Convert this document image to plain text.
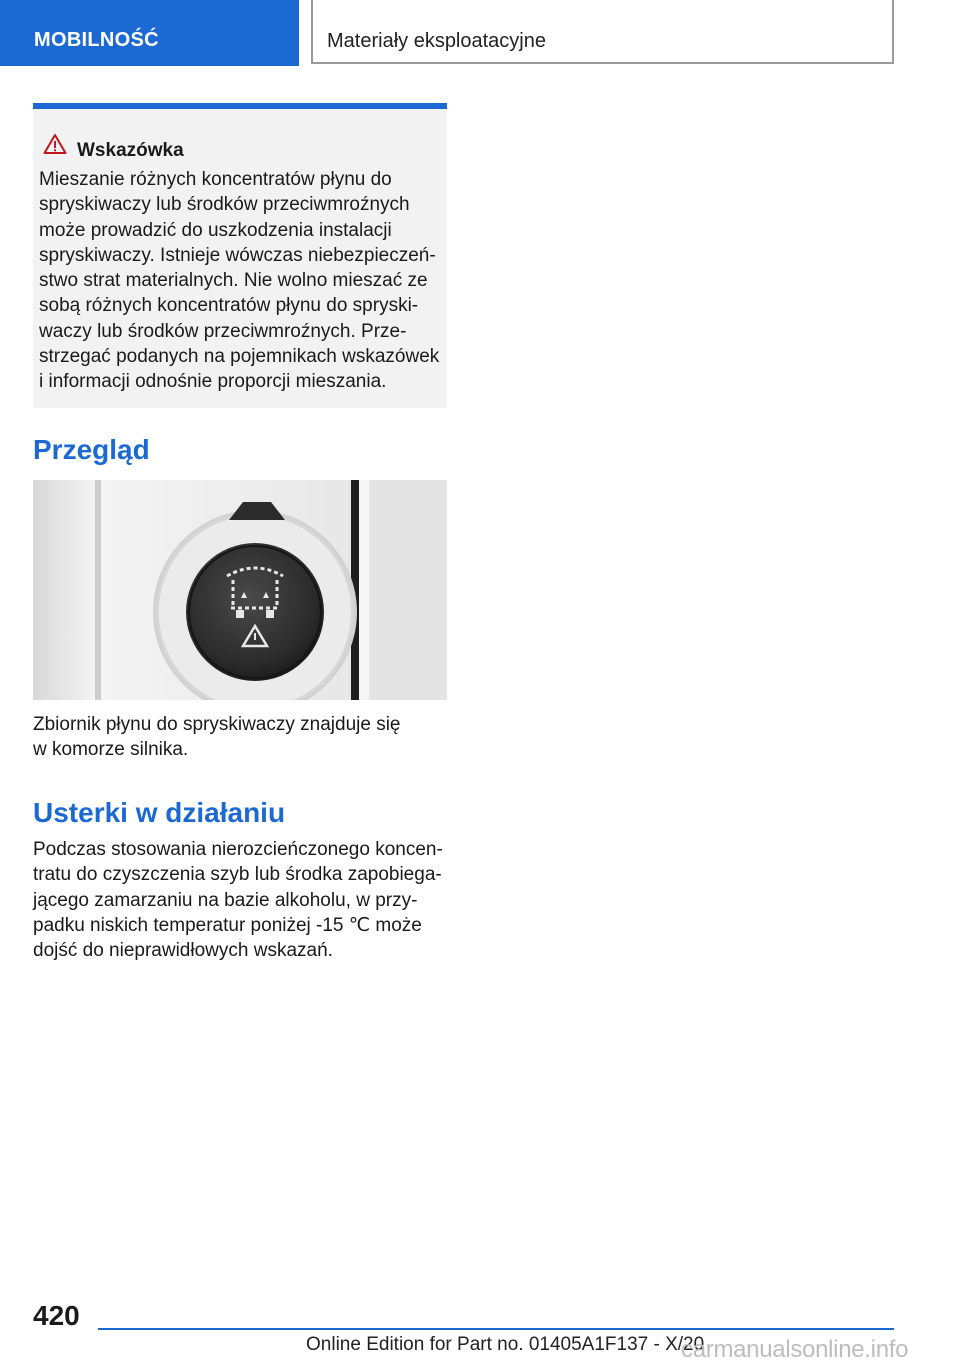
MOBILNOŚĆ	Materiały eksploatacyjne
Wskazówka
Mieszanie różnych koncentratów płynu do
spryskiwaczy lub środków przeciwmroźnych
może prowadzić do uszkodzenia instalacji
spryskiwaczy. Istnieje wówczas niebezpieczeń-
stwo strat materialnych. Nie wolno mieszać ze
sobą różnych koncentratów płynu do spryski-
waczy lub środków przeciwmroźnych. Prze-
strzegać podanych na pojemnikach wskazówek
i informacji odnośnie proporcji mieszania.
Przegląd
Zbiornik płynu do spryskiwaczy znajduje się
w komorze silnika.
Usterki w działaniu
Podczas stosowania nierozcieńczonego koncen-
tratu do czyszczenia szyb lub środka zapobiega-
jącego zamarzaniu na bazie alkoholu, w przy-
padku niskich temperatur poniżej -15 ℃ może
dojść do nieprawidłowych wskazań.
420
Online Edition for Part no. 01405A1F137 - X/20
carmanualsonline.info
